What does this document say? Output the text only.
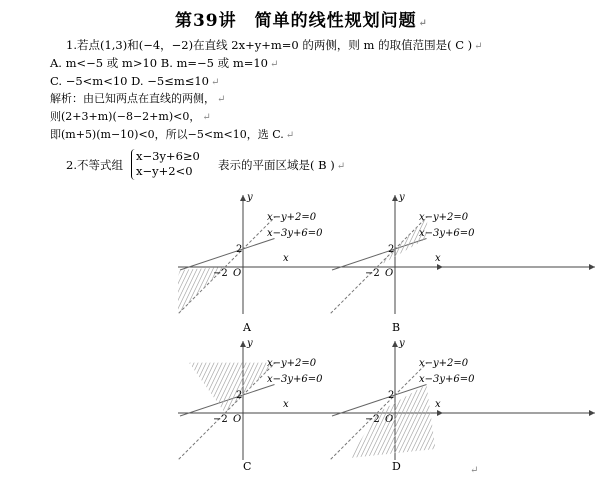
第39讲　简单的线性规划问题 ↵
1.若点(1,3)和(−4，−2)在直线 2x+y+m=0 的两侧，则 m 的取值范围是( C ) ↵
A. m<−5 或 m>10 B. m=−5 或 m=10 ↵
C. −5<m<10 D. −5≤m≤10 ↵
解析：由已知两点在直线的两侧， ↵
则(2+3+m)(−8−2+m)<0， ↵
即(m+5)(m−10)<0，所以−5<m<10，选 C. ↵
2.不等式组
x−3y+6≥0
x−y+2<0	表示的平面区域是( B ) ↵
y
x
2
−2 O
x−y+2=0
x−3y+6=0
A
y
x
2
−2 O
x−y+2=0
x−3y+6=0
B
y
x
2
−2 O
x−y+2=0
x−3y+6=0
C
y
x
2
−2 O
x−y+2=0
x−3y+6=0
D	↵
